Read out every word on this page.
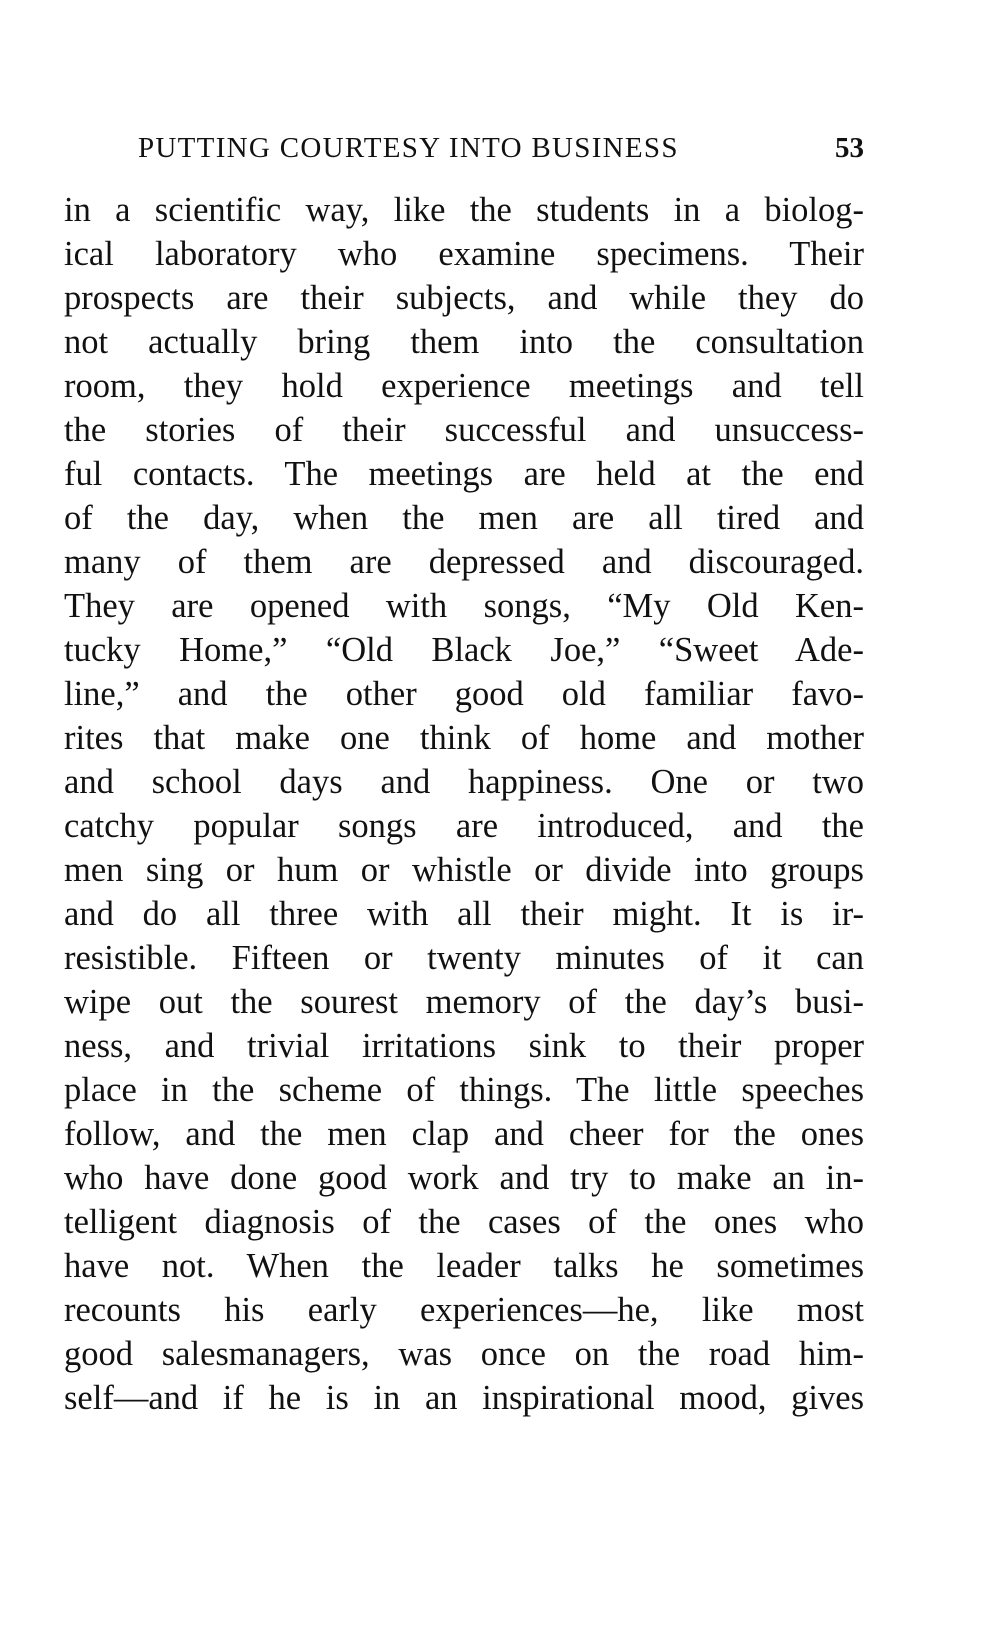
PUTTING COURTESY INTO BUSINESS	53
in a scientific way, like the students in a biolog-
ical laboratory who examine specimens. Their
prospects are their subjects, and while they do
not actually bring them into the consultation
room, they hold experience meetings and tell
the stories of their successful and unsuccess-
ful contacts. The meetings are held at the end
of the day, when the men are all tired and
many of them are depressed and discouraged.
They are opened with songs, “My Old Ken-
tucky Home,” “Old Black Joe,” “Sweet Ade-
line,” and the other good old familiar favo-
rites that make one think of home and mother
and school days and happiness. One or two
catchy popular songs are introduced, and the
men sing or hum or whistle or divide into groups
and do all three with all their might. It is ir-
resistible. Fifteen or twenty minutes of it can
wipe out the sourest memory of the day’s busi-
ness, and trivial irritations sink to their proper
place in the scheme of things. The little speeches
follow, and the men clap and cheer for the ones
who have done good work and try to make an in-
telligent diagnosis of the cases of the ones who
have not. When the leader talks he sometimes
recounts his early experiences—he, like most
good salesmanagers, was once on the road him-
self—and if he is in an inspirational mood, gives
